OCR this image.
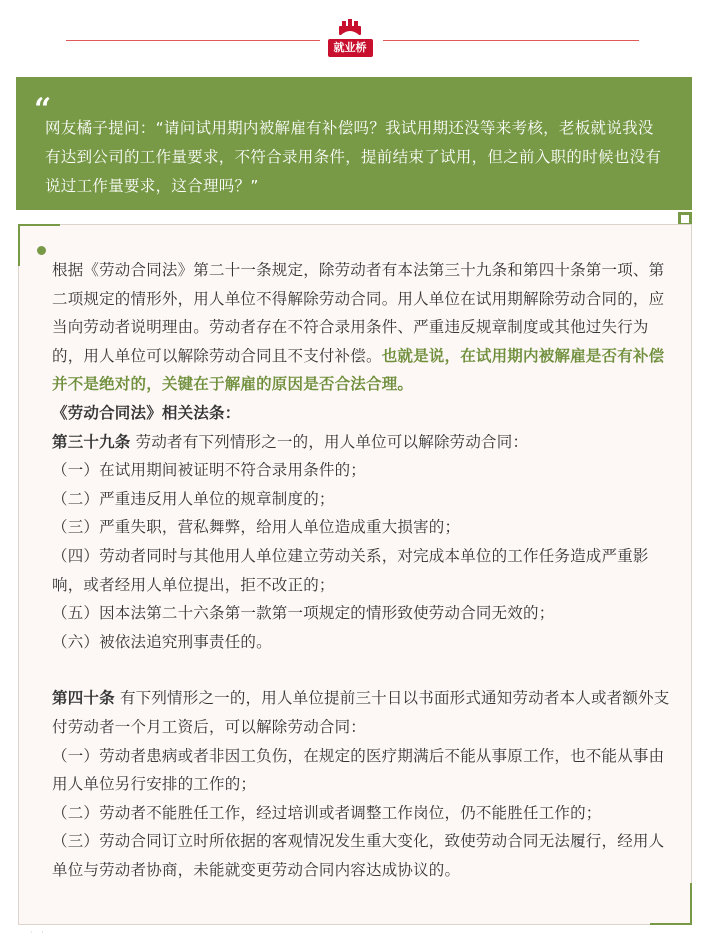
就业桥
“
网友橘子提问：“请问试用期内被解雇有补偿吗？我试用期还没等来考核，老板就说我没有达到公司的工作量要求，不符合录用条件，提前结束了试用，但之前入职的时候也没有说过工作量要求，这合理吗？”

根据《劳动合同法》第二十一条规定，除劳动者有本法第三十九条和第四十条第一项、第二项规定的情形外，用人单位不得解除劳动合同。用人单位在试用期解除劳动合同的，应当向劳动者说明理由。劳动者存在不符合录用条件、严重违反规章制度或其他过失行为的，用人单位可以解除劳动合同且不支付补偿。也就是说，在试用期内被解雇是否有补偿并不是绝对的，关键在于解雇的原因是否合法合理。

《劳动合同法》相关法条：

第三十九条 劳动者有下列情形之一的，用人单位可以解除劳动合同：

（一）在试用期间被证明不符合录用条件的；

（二）严重违反用人单位的规章制度的；

（三）严重失职，营私舞弊，给用人单位造成重大损害的；

（四）劳动者同时与其他用人单位建立劳动关系，对完成本单位的工作任务造成严重影响，或者经用人单位提出，拒不改正的；

（五）因本法第二十六条第一款第一项规定的情形致使劳动合同无效的；

（六）被依法追究刑事责任的。

第四十条 有下列情形之一的，用人单位提前三十日以书面形式通知劳动者本人或者额外支付劳动者一个月工资后，可以解除劳动合同：

（一）劳动者患病或者非因工负伤，在规定的医疗期满后不能从事原工作，也不能从事由用人单位另行安排的工作的；

（二）劳动者不能胜任工作，经过培训或者调整工作岗位，仍不能胜任工作的；

（三）劳动合同订立时所依据的客观情况发生重大变化，致使劳动合同无法履行，经用人单位与劳动者协商，未能就变更劳动合同内容达成协议的。

· ·
